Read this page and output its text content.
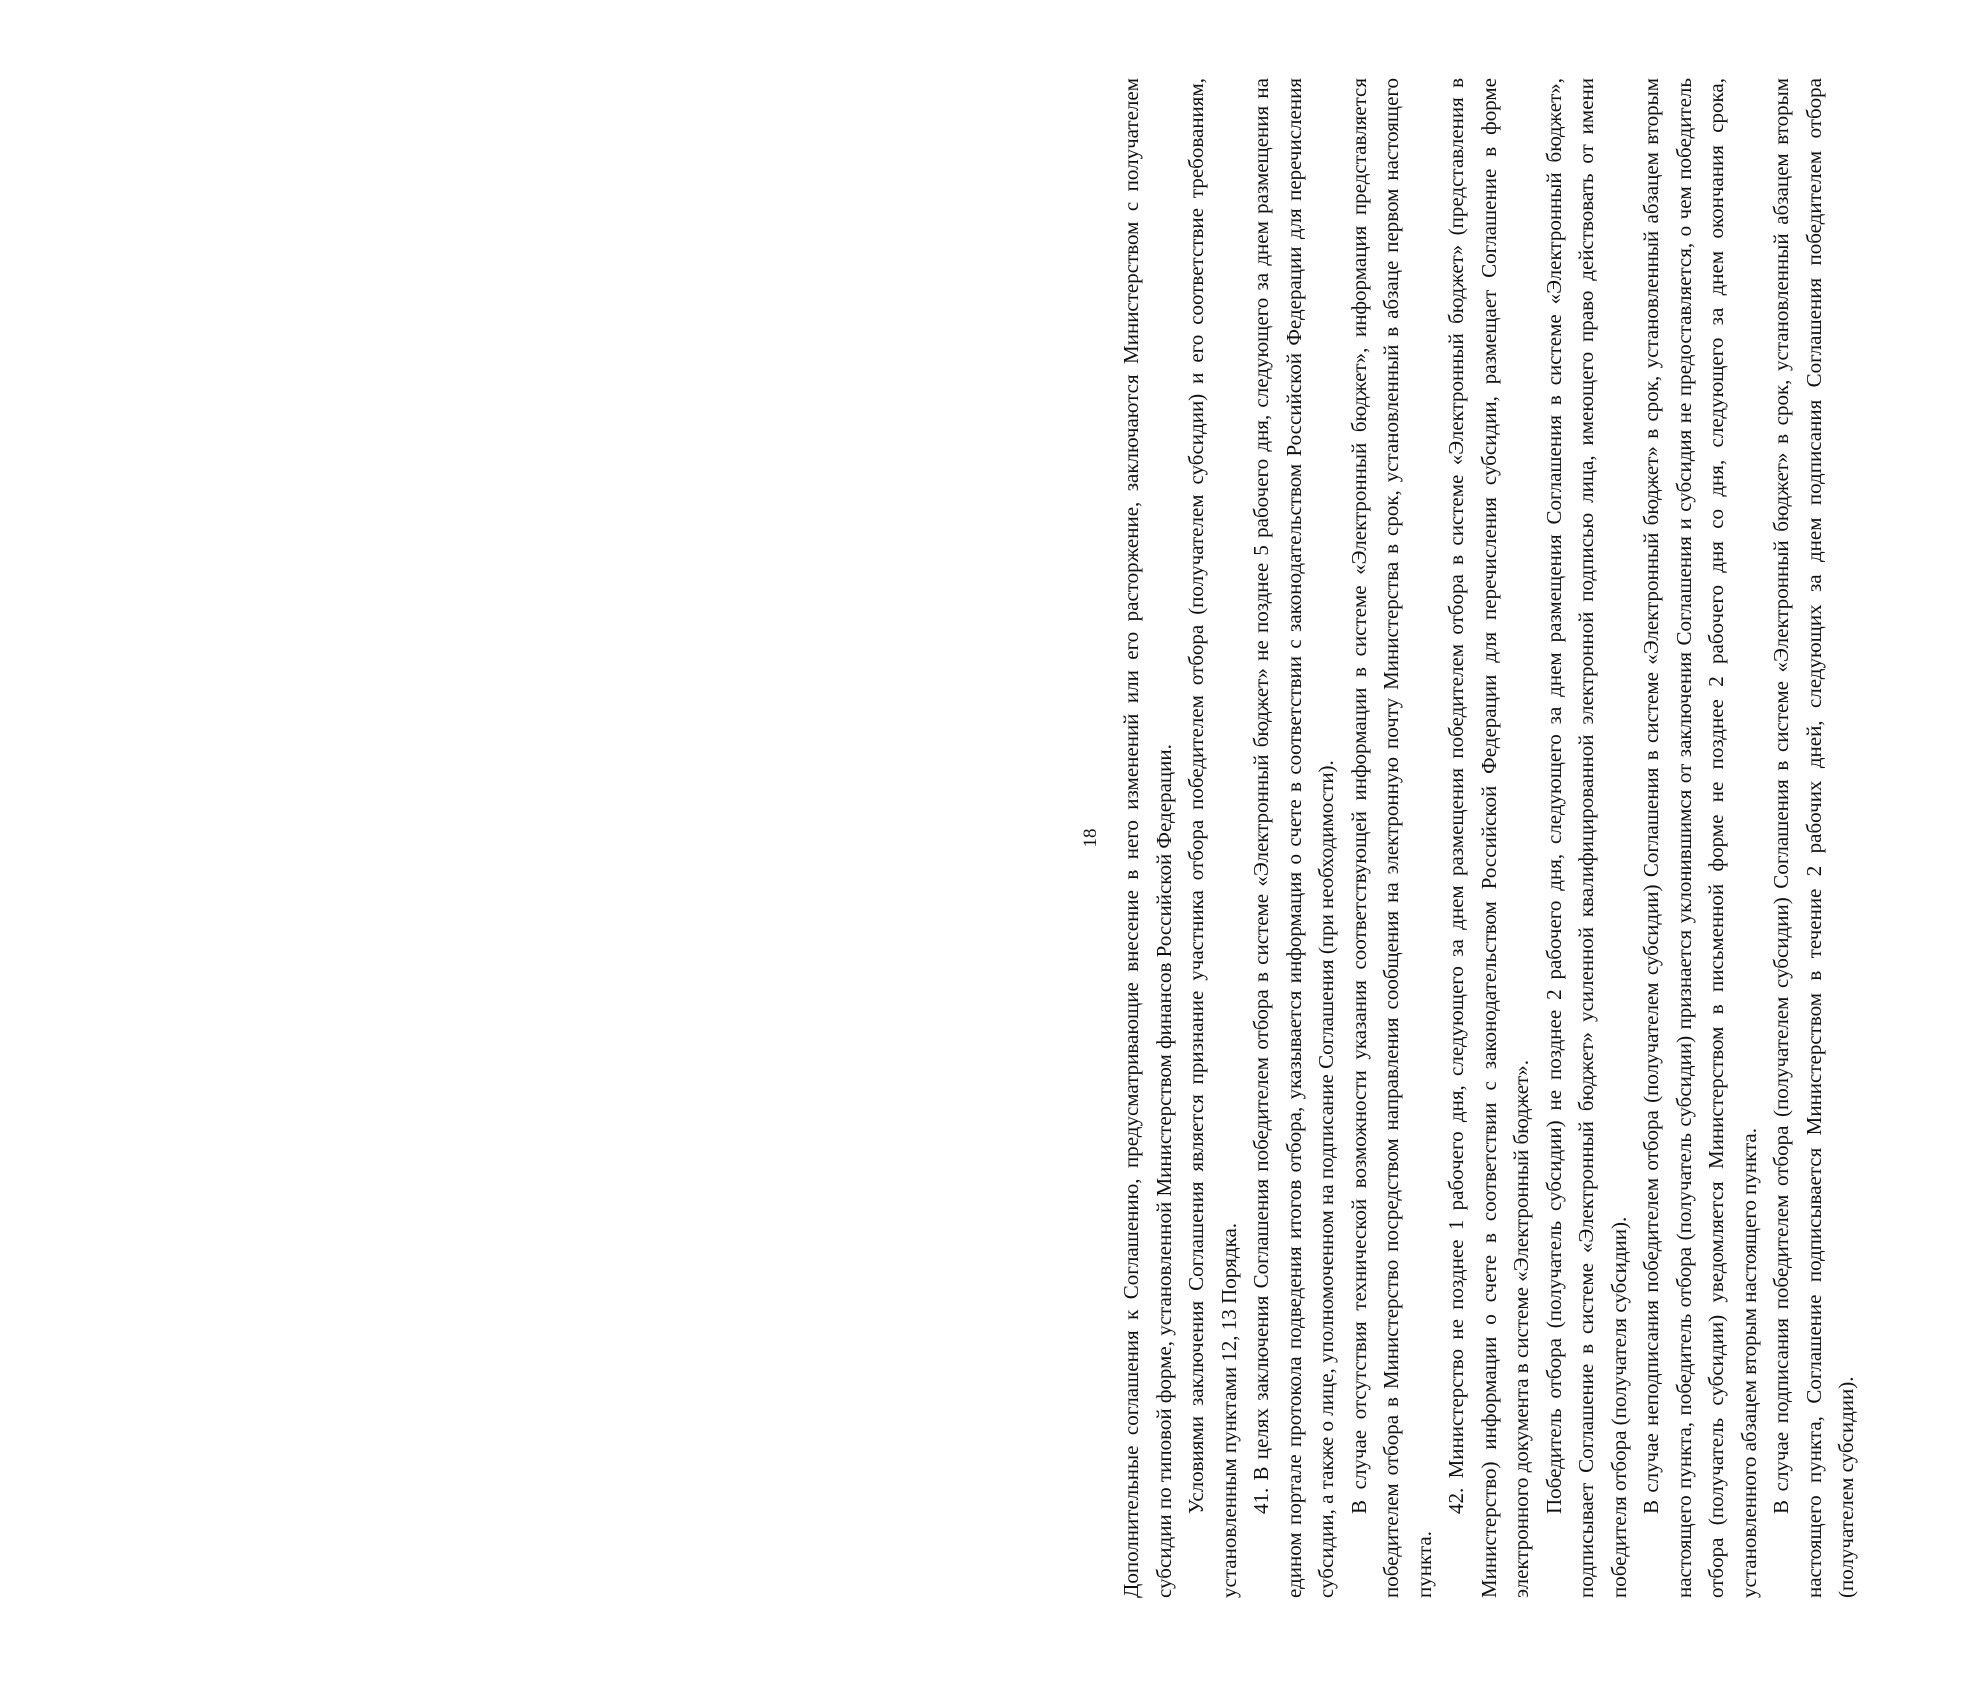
18 Дополнительные соглашения к Соглашению, предусматривающие внесение в него изменений или его расторжение, заключаются Министерством с получателем субсидии по типовой форме, установленной Министерством финансов Российской Федерации. Условиями заключения Соглашения является признание участника отбора победителем отбора (получателем субсидии) и его соответствие требованиям, установленным пунктами 12, 13 Порядка. 41. В целях заключения Соглашения победителем отбора в системе «Электронный бюджет» не позднее 5 рабочего дня, следующего за днем размещения на едином портале протокола подведения итогов отбора, указывается информация о счете в соответствии с законодательством Российской Федерации для перечисления субсидии, а также о лице, уполномоченном на подписание Соглашения (при необходимости). В случае отсутствия технической возможности указания соответствующей информации в системе «Электронный бюджет», информация представляется победителем отбора в Министерство посредством направления сообщения на электронную почту Министерства в срок, установленный в абзаце первом настоящего пункта.

42. Министерство не позднее 1 рабочего дня, следующего за днем размещения победителем отбора в системе «Электронный бюджет» (представления в Министерство) информации о счете в соответствии с законодательством Российской Федерации для перечисления субсидии, размещает Соглашение в форме электронного документа в системе «Электронный бюджет». Победитель отбора (получатель субсидии) не позднее 2 рабочего дня, следующего за днем размещения Соглашения в системе «Электронный бюджет», подписывает Соглашение в системе «Электронный бюджет» усиленной квалифицированной электронной подписью лица, имеющего право действовать от имени победителя отбора (получателя субсидии). В случае неподписания победителем отбора (получателем субсидии) Соглашения в системе «Электронный бюджет» в срок, установленный абзацем вторым настоящего пункта, победитель отбора (получатель субсидии) признается уклонившимся от заключения Соглашения и субсидия не предоставляется, о чем победитель отбора (получатель субсидии) уведомляется Министерством в письменной форме не позднее 2 рабочего дня со дня, следующего за днем окончания срока, установленного абзацем вторым настоящего пункта. В случае подписания победителем отбора (получателем субсидии) Соглашения в системе «Электронный бюджет» в срок, установленный абзацем вторым настоящего пункта, Соглашение подписывается Министерством в течение 2 рабочих дней, следующих за днем подписания Соглашения победителем отбора (получателем субсидии).
